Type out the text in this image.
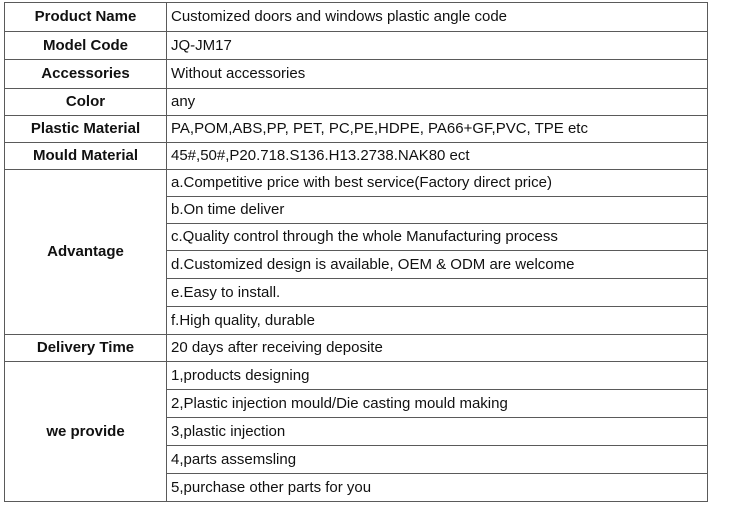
Product Name	Customized doors and windows plastic angle code
Model Code	JQ-JM17
Accessories	Without accessories
Color	any
Plastic Material	PA,POM,ABS,PP, PET, PC,PE,HDPE, PA66+GF,PVC, TPE etc
Mould Material	45#,50#,P20.718.S136.H13.2738.NAK80 ect
Advantage	a.Competitive price with best service(Factory direct price)
	b.On time deliver
	c.Quality control through the whole Manufacturing process
	d.Customized design is available, OEM & ODM are welcome
	e.Easy to install.
	f.High quality, durable
Delivery Time	20 days after receiving deposite
we provide	1,products designing
	2,Plastic injection mould/Die casting mould making
	3,plastic injection
	4,parts assemsling
	5,purchase other parts for you
